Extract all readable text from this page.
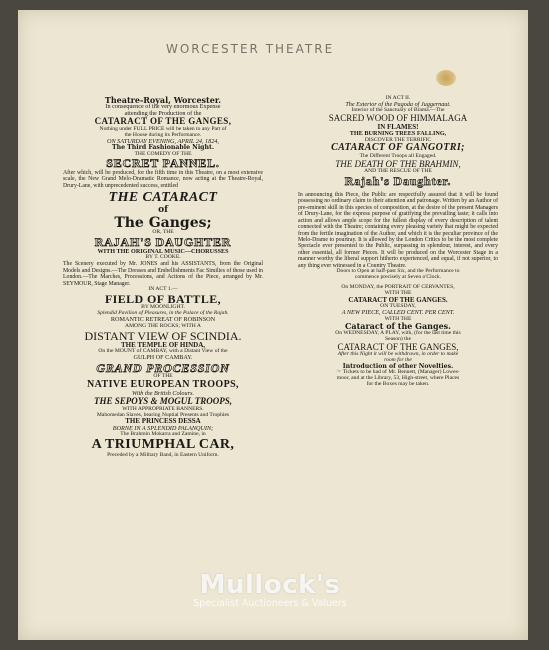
WORCESTER THEATRE
Theatre-Royal, Worcester.
In consequence of the very enormous Expense
attending the Production of the
CATARACT OF THE GANGES,
Nothing under FULL PRICE will be taken to any Part of
the House during its Performance.
ON SATURDAY EVENING, APRIL 24, 1824,
The Third Fashionable Night.
THE COMEDY OF THE
SECRET PANNEL.
After which, will be produced, for the fifth time in this Theatre, on a most extensive scale, the New Grand Melo-Dramatic Romance, now acting at the Theatre-Royal, Drury-Lane, with unprecedented success, entitled
THE CATARACT
of
The Ganges;
OR, THE
RAJAH'S DAUGHTER
WITH THE ORIGINAL MUSIC—CHORUSSES
BY T. COOKE.
The Scenery executed by Mr. JONES and his ASSISTANTS, from the Original Models and Designs.—The Dresses and Embellishments Fac Similies of those used in London.—The Marches, Processions, and Actions of the Piece, arranged by Mr. SEYMOUR, Stage Manager.
IN ACT 1.—
FIELD OF BATTLE,
BY MOONLIGHT.
Splendid Pavilion of Pleasures, in the Palace of the Rajah.
ROMANTIC RETREAT OF ROBINSON
AMONG THE ROCKS; WITH A
DISTANT VIEW OF SCINDIA.
THE TEMPLE OF HINDA,
On the MOUNT of CAMBAY, with a Distant View of the
GULPH OF CAMBAY.
GRAND PROCESSION
OF THE
NATIVE EUROPEAN TROOPS,
With the British Colours.
THE SEPOYS & MOGUL TROOPS,
WITH APPROPRIATE BANNERS.
Mahomedan Slaves, bearing Nuptial Presents and Trophies
THE PRINCESS DESSA
BORNE IN A SPLENDID PALANQUIN;
The Brahmin Mokarra and Zamine, in
A TRIUMPHAL CAR,
Preceded by a Military Band, in Eastern Uniform.
IN ACT II.
The Exterior of the Pagoda of Juggernaut.
Interior of the Sanctuary of Brama.—The
SACRED WOOD OF HIMMALAGA
IN FLAMES!
THE BURNING TREES FALLING,
DISCOVER THE TERRIFIC
CATARACT OF GANGOTRI;
The Different Troops all Engaged.
THE DEATH OF THE BRAHMIN,
AND THE RESCUE OF THE
Rajah's Daughter.
In announcing this Piece, the Public are respectfully assured that it will be found possessing no ordinary claim to their attention and patronage. Written by an Author of pre-eminent skill in this species of composition, at the desire of the present Managers of Drury-Lane, for the express purpose of gratifying the prevailing taste; it calls into action and allows ample scope for the fullest display of every description of talent connected with the Theatre; containing every pleasing variety that might be expected from the fertile imagination of the Author, and which it is the peculiar province of the Melo-Drame to pourtray. It is allowed by the London Critics to be the most complete Spectacle ever presented to the Public, surpassing in splendour, interest, and every other essential, all former Pieces. It will be produced on the Worcester Stage in a manner worthy the liberal support hitherto experienced, and equal, if not superior, to any thing ever witnessed in a Country Theatre.
Doors to Open at half-past Six, and the Performance to
commence precisely at Seven o'Clock.
On MONDAY, the PORTRAIT OF CERVANTES,
WITH THE
CATARACT OF THE GANGES.
ON TUESDAY,
A NEW PIECE, CALLED CENT. PER CENT.
WITH THE
Cataract of the Ganges.
On WEDNESDAY, A PLAY, with, (for the last time this
Season) the
CATARACT OF THE GANGES,
After this Night it will be withdrawn, in order to make
room for the
Introduction of other Novelties.
☞ Tickets to be had of Mr. Bennett, (Manager) Lowes-
moor, and at the Library, 53, High-street, where Places
for the Boxes may be taken.
Mullock's
Specialist Auctioneers & Valuers
